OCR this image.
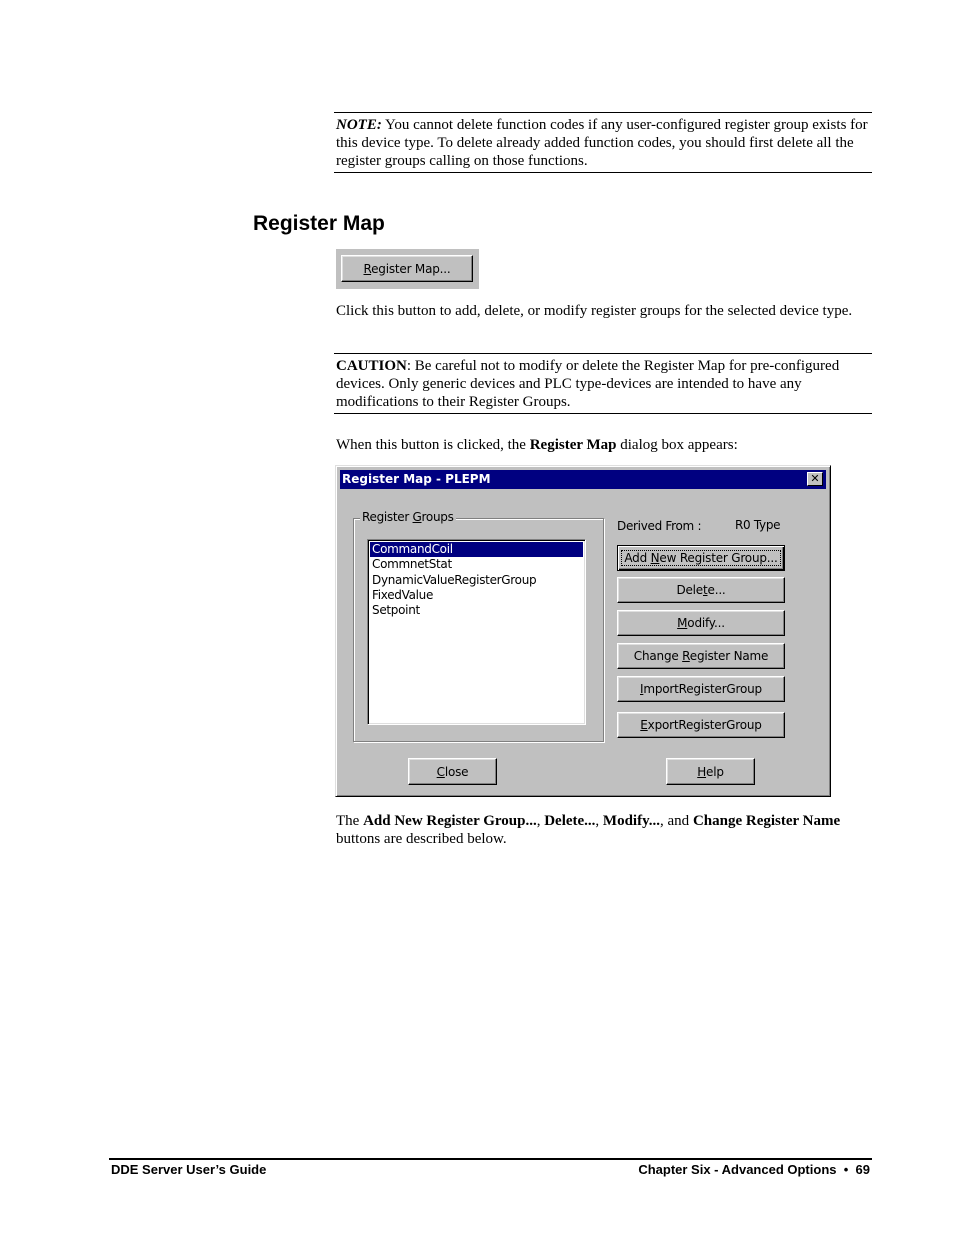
NOTE: You cannot delete function codes if any user-configured register group exists for this device type. To delete already added function codes, you should first delete all the register groups calling on those functions.
Register Map
Register Map...
Click this button to add, delete, or modify register groups for the selected device type.
CAUTION: Be careful not to modify or delete the Register Map for pre-configured devices. Only generic devices and PLC type-devices are intended to have any modifications to their Register Groups.
When this button is clicked, the Register Map dialog box appears:
Register Map - PLEPM	✕
Register Groups
CommandCoil
CommnetStat
DynamicValueRegisterGroup
FixedValue
Setpoint
Derived From :	R0 Type
Add New Register Group...
Delete...
Modify...
Change Register Name
ImportRegisterGroup
ExportRegisterGroup
Close	Help
The Add New Register Group..., Delete..., Modify..., and Change Register Name buttons are described below.
DDE Server User’s Guide	Chapter Six - Advanced Options • 69
